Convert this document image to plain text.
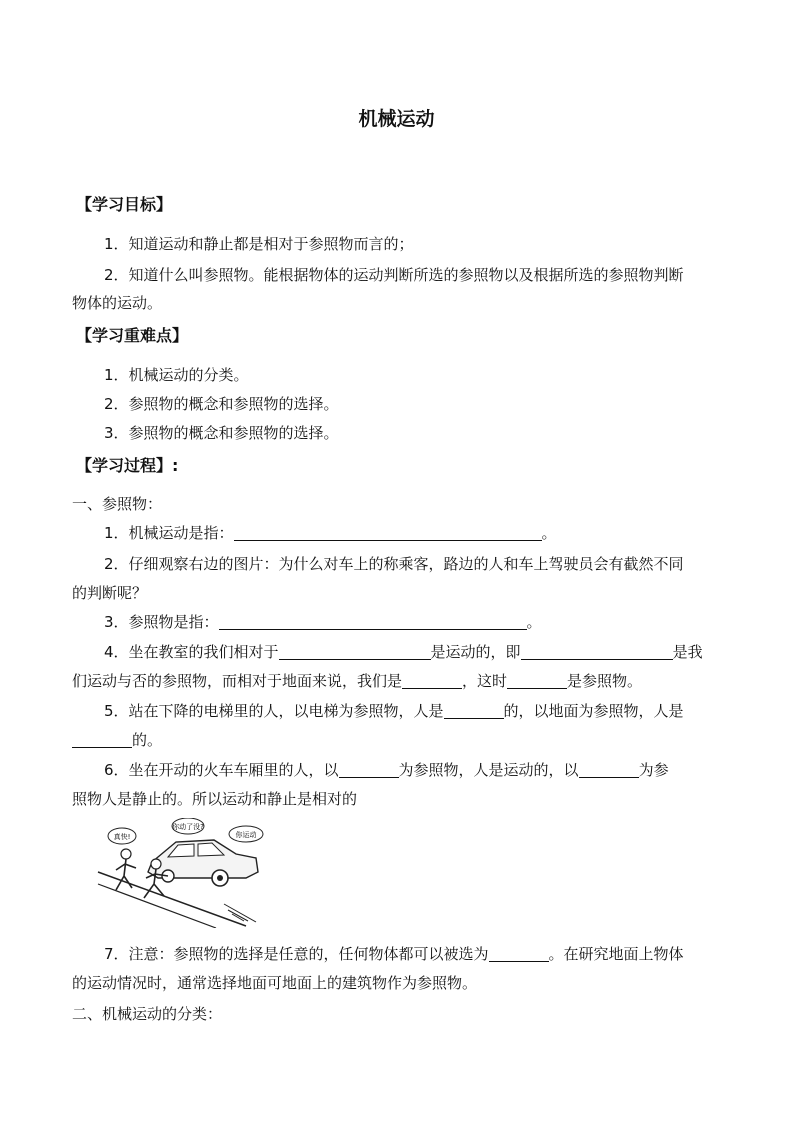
机械运动
【学习目标】
1．知道运动和静止都是相对于参照物而言的；
2．知道什么叫参照物。能根据物体的运动判断所选的参照物以及根据所选的参照物判断
物体的运动。
【学习重难点】
1．机械运动的分类。
2．参照物的概念和参照物的选择。
3．参照物的概念和参照物的选择。
【学习过程】:
一、参照物：
1．机械运动是指：	。
2．仔细观察右边的图片：为什么对车上的称乘客，路边的人和车上驾驶员会有截然不同
的判断呢？
3．参照物是指：	。
4．坐在教室的我们相对于	是运动的，即	是我
们运动与否的参照物，而相对于地面来说，我们是	，这时	是参照物。
5．站在下降的电梯里的人，以电梯为参照物，人是	的，以地面为参照物，人是
的。
6．坐在开动的火车车厢里的人，以	为参照物，人是运动的，以	为参
照物人是静止的。所以运动和静止是相对的
真快!
你动了没?
你运动
7．注意：参照物的选择是任意的，任何物体都可以被选为	。在研究地面上物体
的运动情况时，通常选择地面可地面上的建筑物作为参照物。
二、机械运动的分类：
